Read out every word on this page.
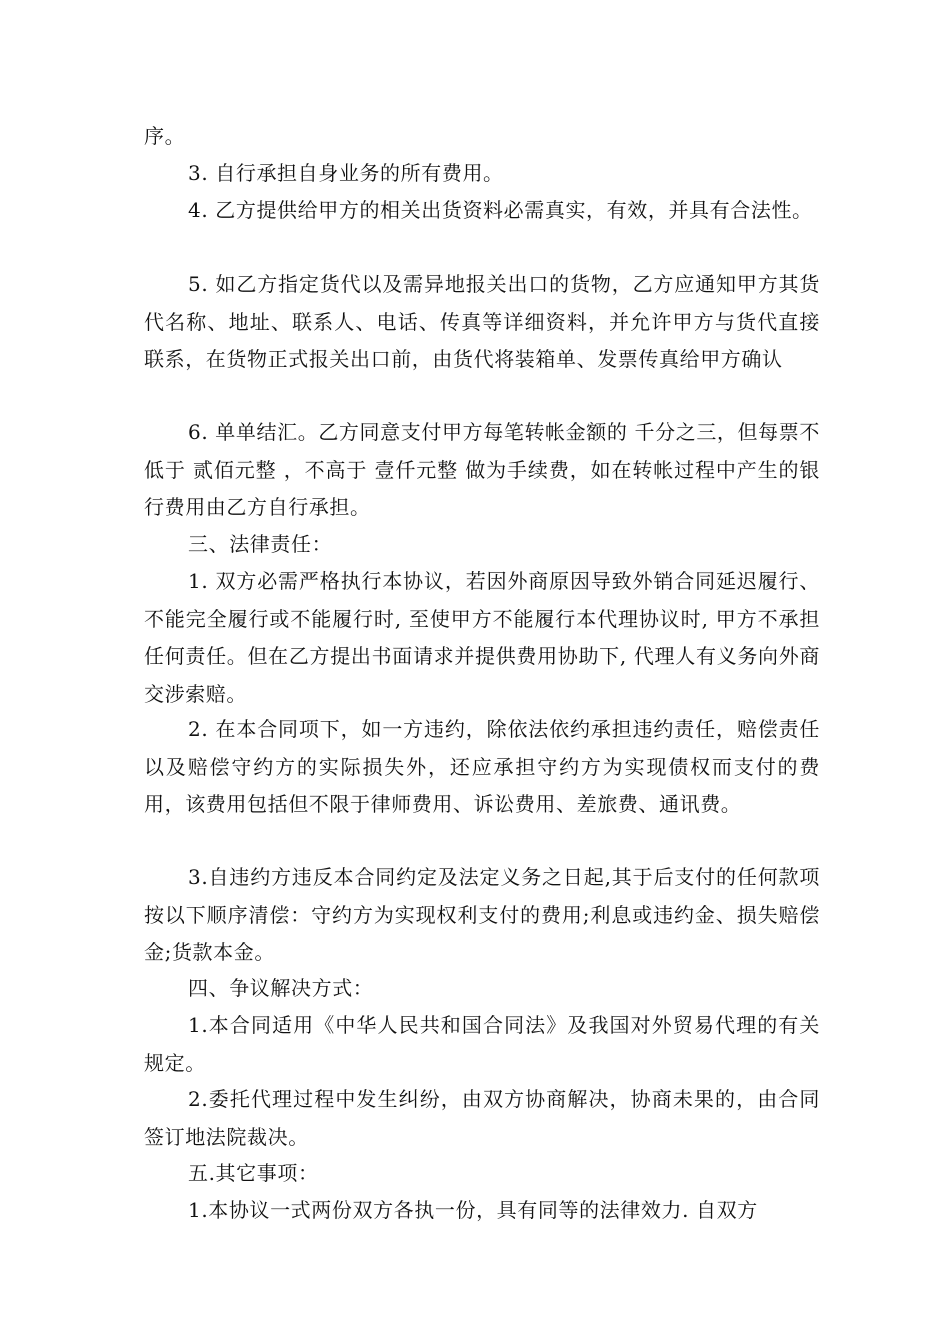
序。

3. 自行承担自身业务的所有费用。

4. 乙方提供给甲方的相关出货资料必需真实，有效，并具有合法性。

5. 如乙方指定货代以及需异地报关出口的货物，乙方应通知甲方其货代名称、地址、联系人、电话、传真等详细资料，并允许甲方与货代直接联系，在货物正式报关出口前，由货代将装箱单、发票传真给甲方确认

6. 单单结汇。乙方同意支付甲方每笔转帐金额的 千分之三，但每票不低于 贰佰元整 ，不高于 壹仟元整 做为手续费，如在转帐过程中产生的银行费用由乙方自行承担。

三、法律责任：

1. 双方必需严格执行本协议，若因外商原因导致外销合同延迟履行、不能完全履行或不能履行时, 至使甲方不能履行本代理协议时, 甲方不承担任何责任。但在乙方提出书面请求并提供费用协助下, 代理人有义务向外商交涉索赔。

2. 在本合同项下，如一方违约，除依法依约承担违约责任，赔偿责任以及赔偿守约方的实际损失外，还应承担守约方为实现债权而支付的费用，该费用包括但不限于律师费用、诉讼费用、差旅费、通讯费。

3.自违约方违反本合同约定及法定义务之日起,其于后支付的任何款项按以下顺序清偿：守约方为实现权利支付的费用;利息或违约金、损失赔偿金;货款本金。

四、争议解决方式：

1.本合同适用《中华人民共和国合同法》及我国对外贸易代理的有关规定。

2.委托代理过程中发生纠纷，由双方协商解决，协商未果的，由合同签订地法院裁决。

五.其它事项：

1.本协议一式两份双方各执一份，具有同等的法律效力. 自双方
